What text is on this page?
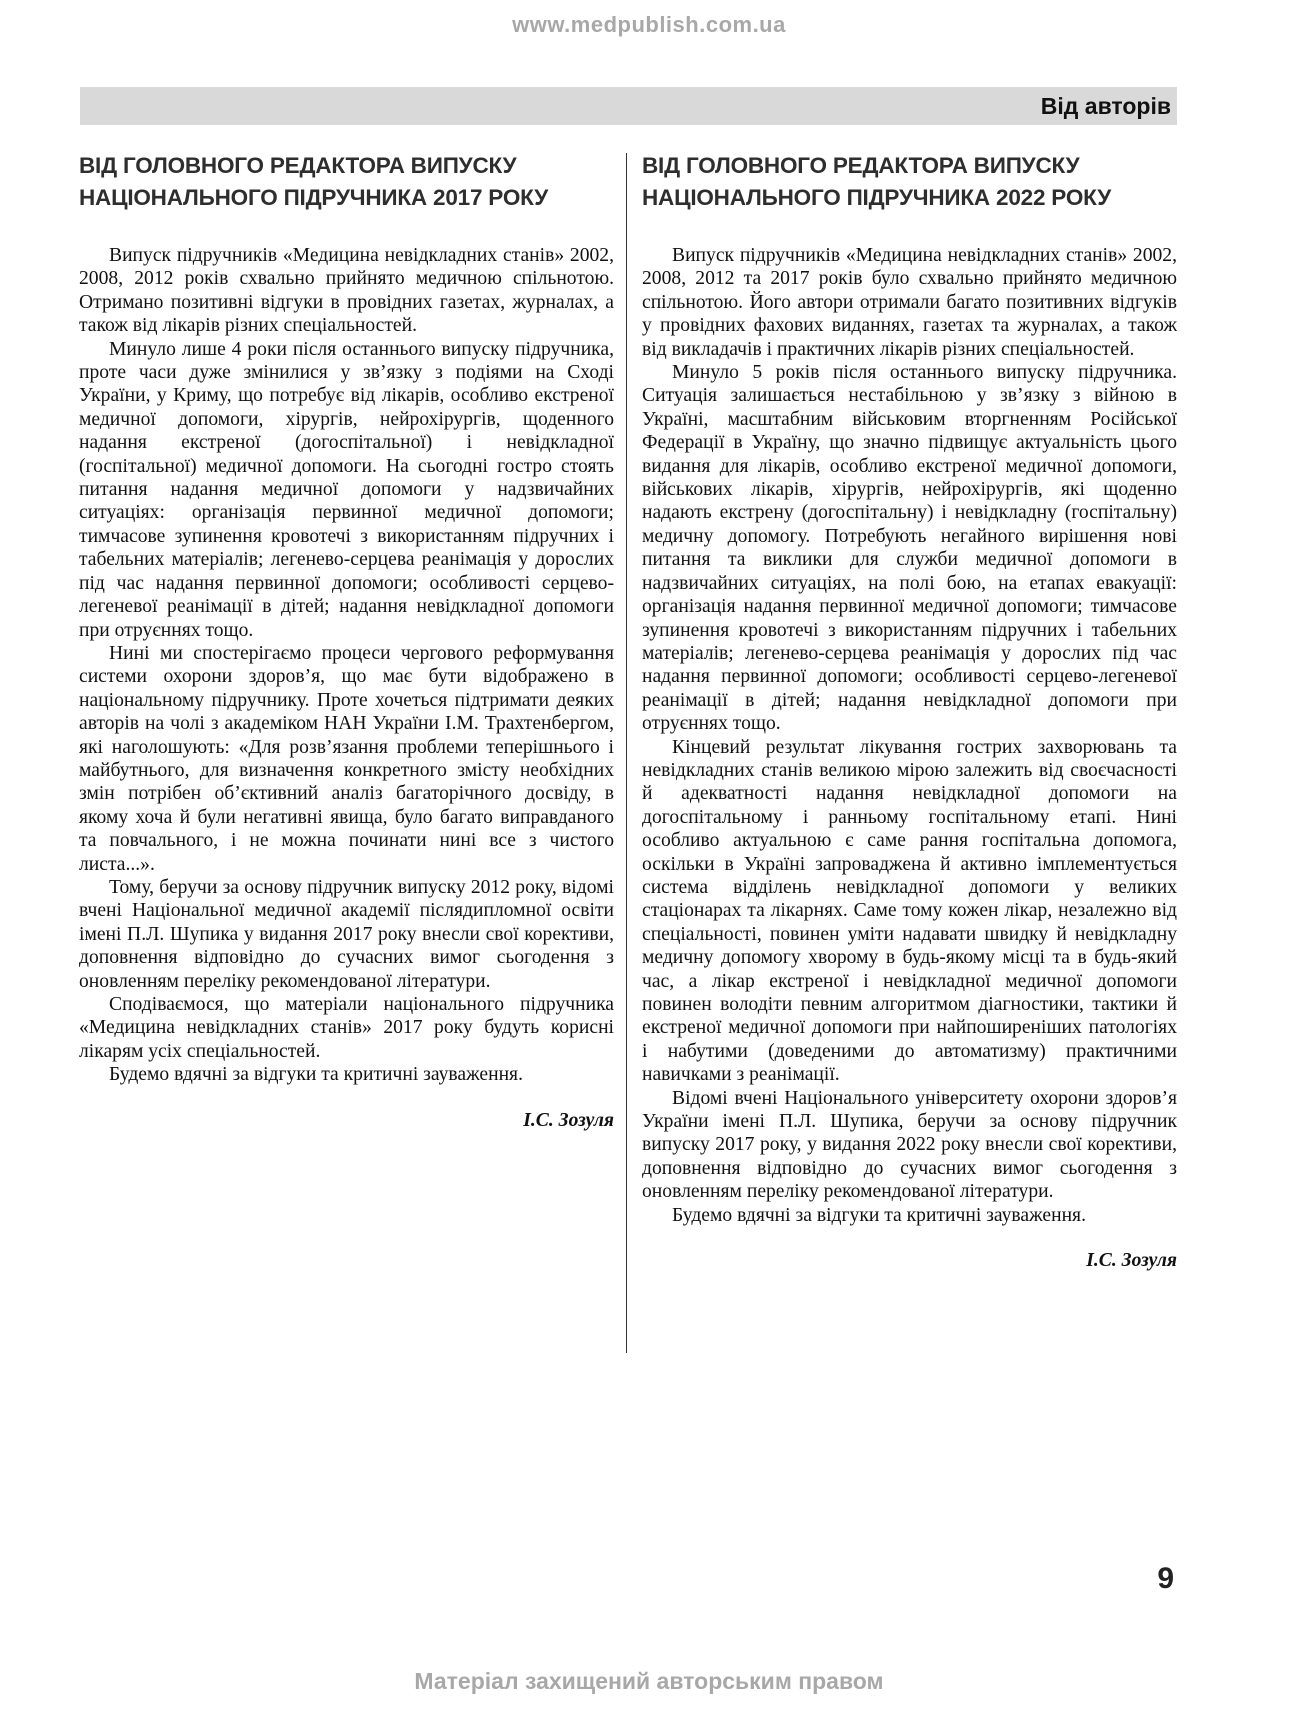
www.medpublish.com.ua
Від авторів
ВІД ГОЛОВНОГО РЕДАКТОРА ВИПУСКУ
НАЦІОНАЛЬНОГО ПІДРУЧНИКА 2017 РОКУ

Випуск підручників «Медицина невідкладних станів» 2002, 2008, 2012 років схвально прийнято медичною спільнотою. Отримано позитивні відгуки в провідних газетах, журналах, а також від лікарів різних спеціальностей.

Минуло лише 4 роки після останнього випуску підручника, проте часи дуже змінилися у зв’язку з подіями на Сході України, у Криму, що потребує від лікарів, особливо екстреної медичної допомоги, хірургів, нейрохірургів, щоденного надання екстреної (догоспітальної) і невідкладної (госпітальної) медичної допомоги. На сьогодні гостро стоять питання надання медичної допомоги у надзвичайних ситуаціях: організація первинної медичної допомоги; тимчасове зупинення кровотечі з використанням підручних і табельних матеріалів; легенево-серцева реанімація у дорослих під час надання первинної допомоги; особливості серцево-легеневої реанімації в дітей; надання невідкладної допомоги при отруєннях тощо.

Нині ми спостерігаємо процеси чергового реформування системи охорони здоров’я, що має бути відображено в національному підручнику. Проте хочеться підтримати деяких авторів на чолі з академіком НАН України І.М. Трахтенбергом, які наголошують: «Для розв’язання проблеми теперішнього і майбутнього, для визначення конкретного змісту необхідних змін потрібен об’єктивний аналіз багаторічного досвіду, в якому хоча й були негативні явища, було багато виправданого та повчального, і не можна починати нині все з чистого листа...».

Тому, беручи за основу підручник випуску 2012 року, відомі вчені Національної медичної академії післядипломної освіти імені П.Л. Шупика у видання 2017 року внесли свої корективи, доповнення відповідно до сучасних вимог сьогодення з оновленням переліку рекомендованої літератури.

Сподіваємося, що матеріали національного підручника «Медицина невідкладних станів» 2017 року будуть корисні лікарям усіх спеціальностей.

Будемо вдячні за відгуки та критичні зауваження.

І.С. Зозуля

ВІД ГОЛОВНОГО РЕДАКТОРА ВИПУСКУ
НАЦІОНАЛЬНОГО ПІДРУЧНИКА 2022 РОКУ

Випуск підручників «Медицина невідкладних станів» 2002, 2008, 2012 та 2017 років було схвально прийнято медичною спільнотою. Його автори отримали багато позитивних відгуків у провідних фахових виданнях, газетах та журналах, а також від викладачів і практичних лікарів різних спеціальностей.

Минуло 5 років після останнього випуску підручника. Ситуація залишається нестабільною у зв’язку з війною в Україні, масштабним військовим вторгненням Російської Федерації в Україну, що значно підвищує актуальність цього видання для лікарів, особливо екстреної медичної допомоги, військових лікарів, хірургів, нейрохірургів, які щоденно надають екстрену (догоспітальну) і невідкладну (госпітальну) медичну допомогу. Потребують негайного вирішення нові питання та виклики для служби медичної допомоги в надзвичайних ситуаціях, на полі бою, на етапах евакуації: організація надання первинної медичної допомоги; тимчасове зупинення кровотечі з використанням підручних і табельних матеріалів; легенево-серцева реанімація у дорослих під час надання первинної допомоги; особливості серцево-легеневої реанімації в дітей; надання невідкладної допомоги при отруєннях тощо.

Кінцевий результат лікування гострих захворювань та невідкладних станів великою мірою залежить від своєчасності й адекватності надання невідкладної допомоги на догоспітальному і ранньому госпітальному етапі. Нині особливо актуальною є саме рання госпітальна допомога, оскільки в Україні запроваджена й активно імплементується система відділень невідкладної допомоги у великих стаціонарах та лікарнях. Саме тому кожен лікар, незалежно від спеціальності, повинен уміти надавати швидку й невідкладну медичну допомогу хворому в будь-якому місці та в будь-який час, а лікар екстреної і невідкладної медичної допомоги повинен володіти певним алгоритмом діагностики, тактики й екстреної медичної допомоги при найпоширеніших патологіях і набутими (доведеними до автоматизму) практичними навичками з реанімації.

Відомі вчені Національного університету охорони здоров’я України імені П.Л. Шупика, беручи за основу підручник випуску 2017 року, у видання 2022 року внесли свої корективи, доповнення відповідно до сучасних вимог сьогодення з оновленням переліку рекомендованої літератури.

Будемо вдячні за відгуки та критичні зауваження.

І.С. Зозуля

9
Матеріал захищений авторським правом
